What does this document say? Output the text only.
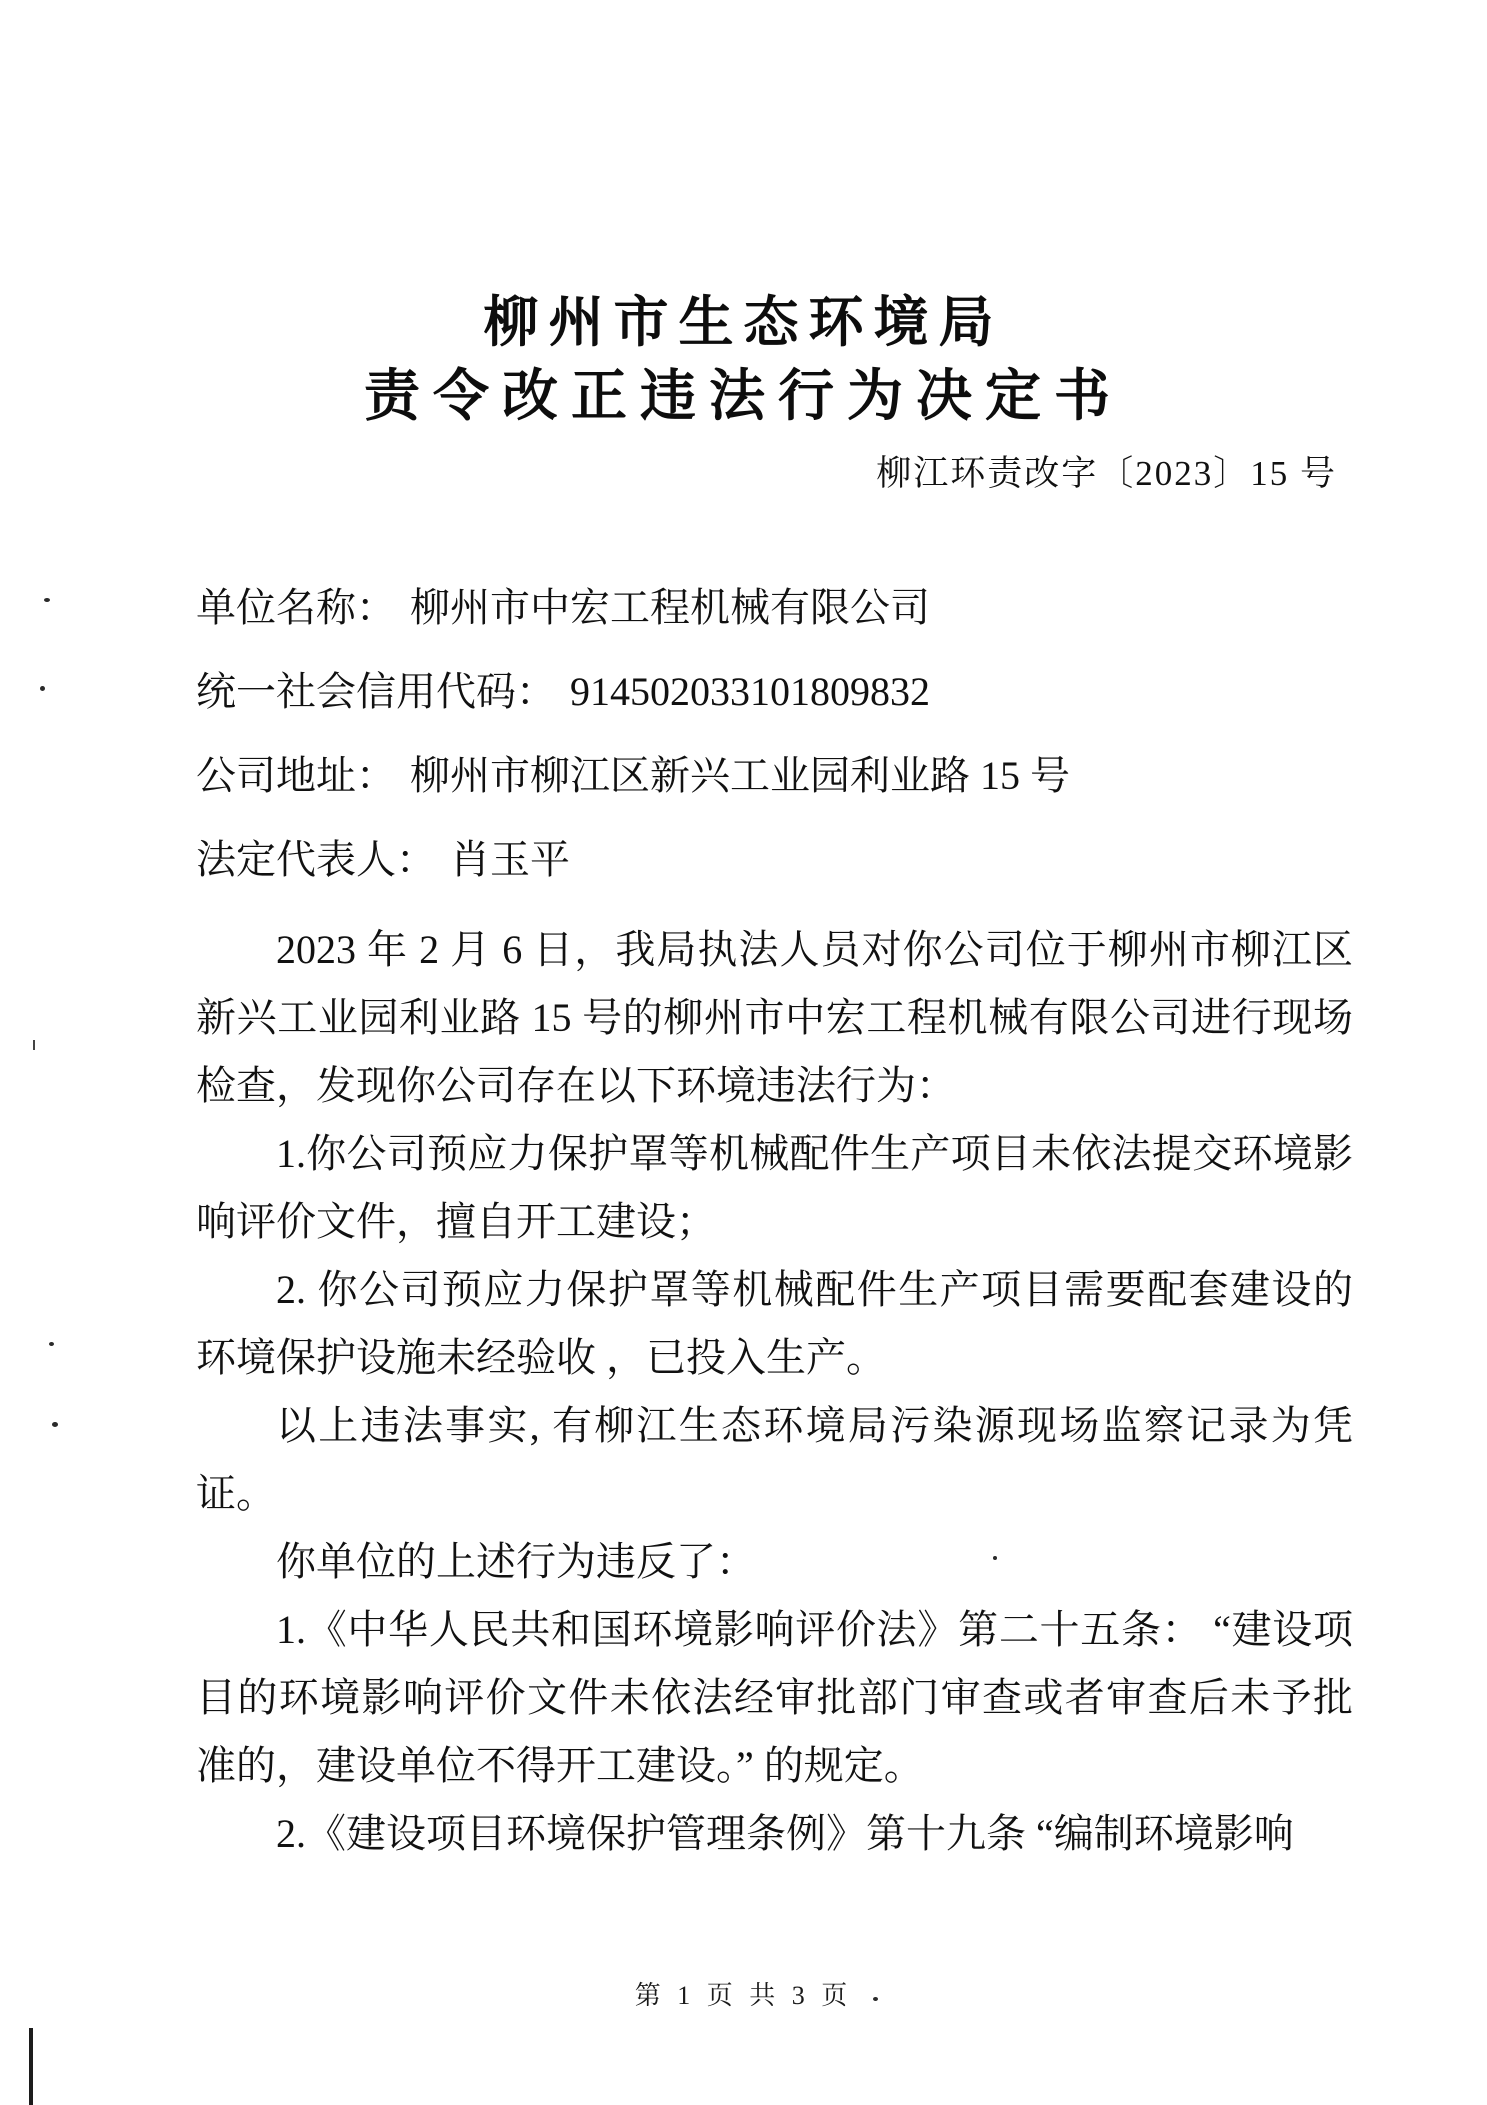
柳州市生态环境局
责令改正违法行为决定书
柳江环责改字〔2023〕15 号
单位名称： 柳州市中宏工程机械有限公司
统一社会信用代码： 914502033101809832
公司地址： 柳州市柳江区新兴工业园利业路 15 号
法定代表人： 肖玉平

2023 年 2 月 6 日，我局执法人员对你公司位于柳州市柳江区新兴工业园利业路 15 号的柳州市中宏工程机械有限公司进行现场检查，发现你公司存在以下环境违法行为：

1.你公司预应力保护罩等机械配件生产项目未依法提交环境影响评价文件，擅自开工建设；

2. 你公司预应力保护罩等机械配件生产项目需要配套建设的环境保护设施未经验收 ，已投入生产。

以上违法事实, 有柳江生态环境局污染源现场监察记录为凭证。

你单位的上述行为违反了：

1.《中华人民共和国环境影响评价法》第二十五条： “建设项目的环境影响评价文件未依法经审批部门审查或者审查后未予批准的，建设单位不得开工建设。” 的规定。

2.《建设项目环境保护管理条例》第十九条 “编制环境影响

第 1 页 共 3 页
